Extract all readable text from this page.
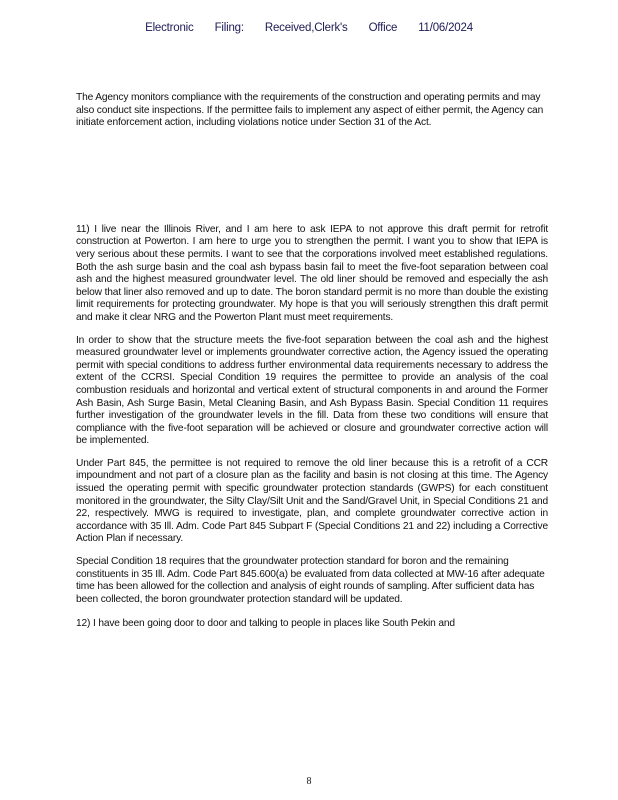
Electronic Filing: Received,Clerk's Office 11/06/2024

The Agency monitors compliance with the requirements of the construction and operating permits and may also conduct site inspections. If the permittee fails to implement any aspect of either permit, the Agency can initiate enforcement action, including violations notice under Section 31 of the Act.

11) I live near the Illinois River, and I am here to ask IEPA to not approve this draft permit for retrofit construction at Powerton. I am here to urge you to strengthen the permit. I want you to show that IEPA is very serious about these permits. I want to see that the corporations involved meet established regulations. Both the ash surge basin and the coal ash bypass basin fail to meet the five-foot separation between coal ash and the highest measured groundwater level. The old liner should be removed and especially the ash below that liner also removed and up to date. The boron standard permit is no more than double the existing limit requirements for protecting groundwater. My hope is that you will seriously strengthen this draft permit and make it clear NRG and the Powerton Plant must meet requirements.

In order to show that the structure meets the five-foot separation between the coal ash and the highest measured groundwater level or implements groundwater corrective action, the Agency issued the operating permit with special conditions to address further environmental data requirements necessary to address the extent of the CCRSI. Special Condition 19 requires the permittee to provide an analysis of the coal combustion residuals and horizontal and vertical extent of structural components in and around the Former Ash Basin, Ash Surge Basin, Metal Cleaning Basin, and Ash Bypass Basin. Special Condition 11 requires further investigation of the groundwater levels in the fill. Data from these two conditions will ensure that compliance with the five-foot separation will be achieved or closure and groundwater corrective action will be implemented.

Under Part 845, the permittee is not required to remove the old liner because this is a retrofit of a CCR impoundment and not part of a closure plan as the facility and basin is not closing at this time. The Agency issued the operating permit with specific groundwater protection standards (GWPS) for each constituent monitored in the groundwater, the Silty Clay/Silt Unit and the Sand/Gravel Unit, in Special Conditions 21 and 22, respectively. MWG is required to investigate, plan, and complete groundwater corrective action in accordance with 35 Ill. Adm. Code Part 845 Subpart F (Special Conditions 21 and 22) including a Corrective Action Plan if necessary.

Special Condition 18 requires that the groundwater protection standard for boron and the remaining constituents in 35 Ill. Adm. Code Part 845.600(a) be evaluated from data collected at MW-16 after adequate time has been allowed for the collection and analysis of eight rounds of sampling. After sufficient data has been collected, the boron groundwater protection standard will be updated.

12) I have been going door to door and talking to people in places like South Pekin and

8
